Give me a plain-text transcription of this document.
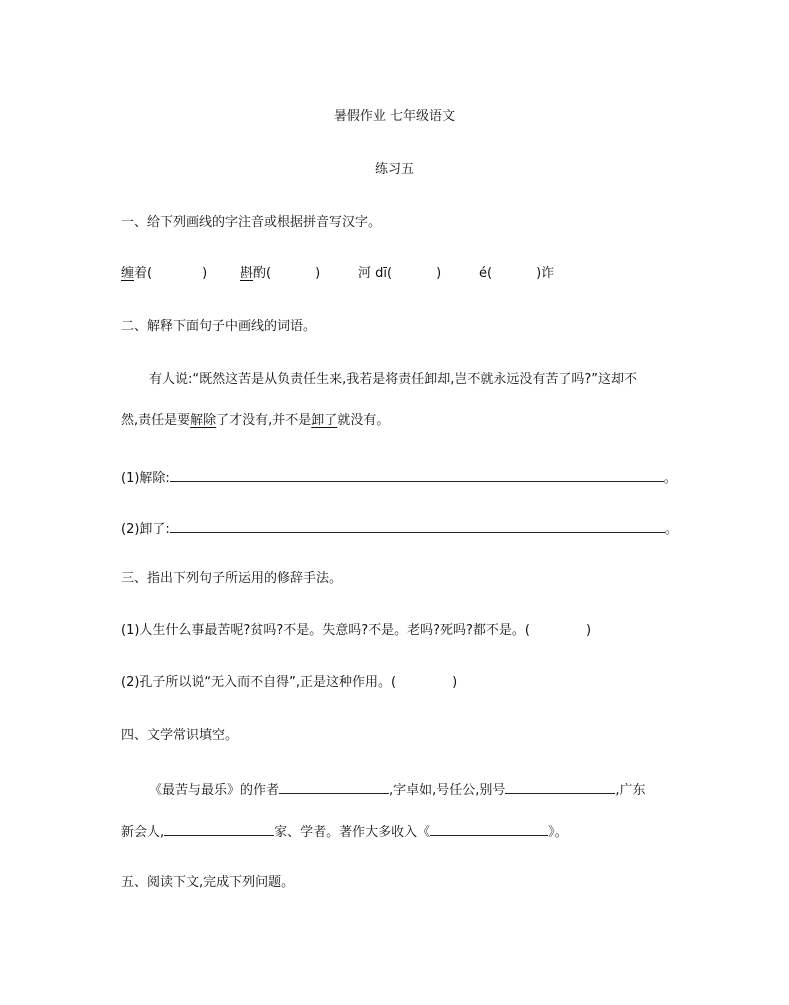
暑假作业 七年级语文
练习五
一、给下列画线的字注音或根据拼音写汉字。
缠着(	)	斟酌(	)	河 dī(	)	é(	)诈
二、解释下面句子中画线的词语。
有人说:“既然这苦是从负责任生来,我若是将责任卸却,岂不就永远没有苦了吗?”这却不
然,责任是要解除了才没有,并不是卸了就没有。
(1)解除:	。
(2)卸了:	。
三、指出下列句子所运用的修辞手法。
(1)人生什么事最苦呢?贫吗?不是。失意吗?不是。老吗?死吗?都不是。(	)
(2)孔子所以说“无入而不自得”,正是这种作用。(	)
四、文学常识填空。
《最苦与最乐》的作者	,字卓如,号任公,别号	,广东
新会人,	家、学者。著作大多收入《	》。
五、阅读下文,完成下列问题。
